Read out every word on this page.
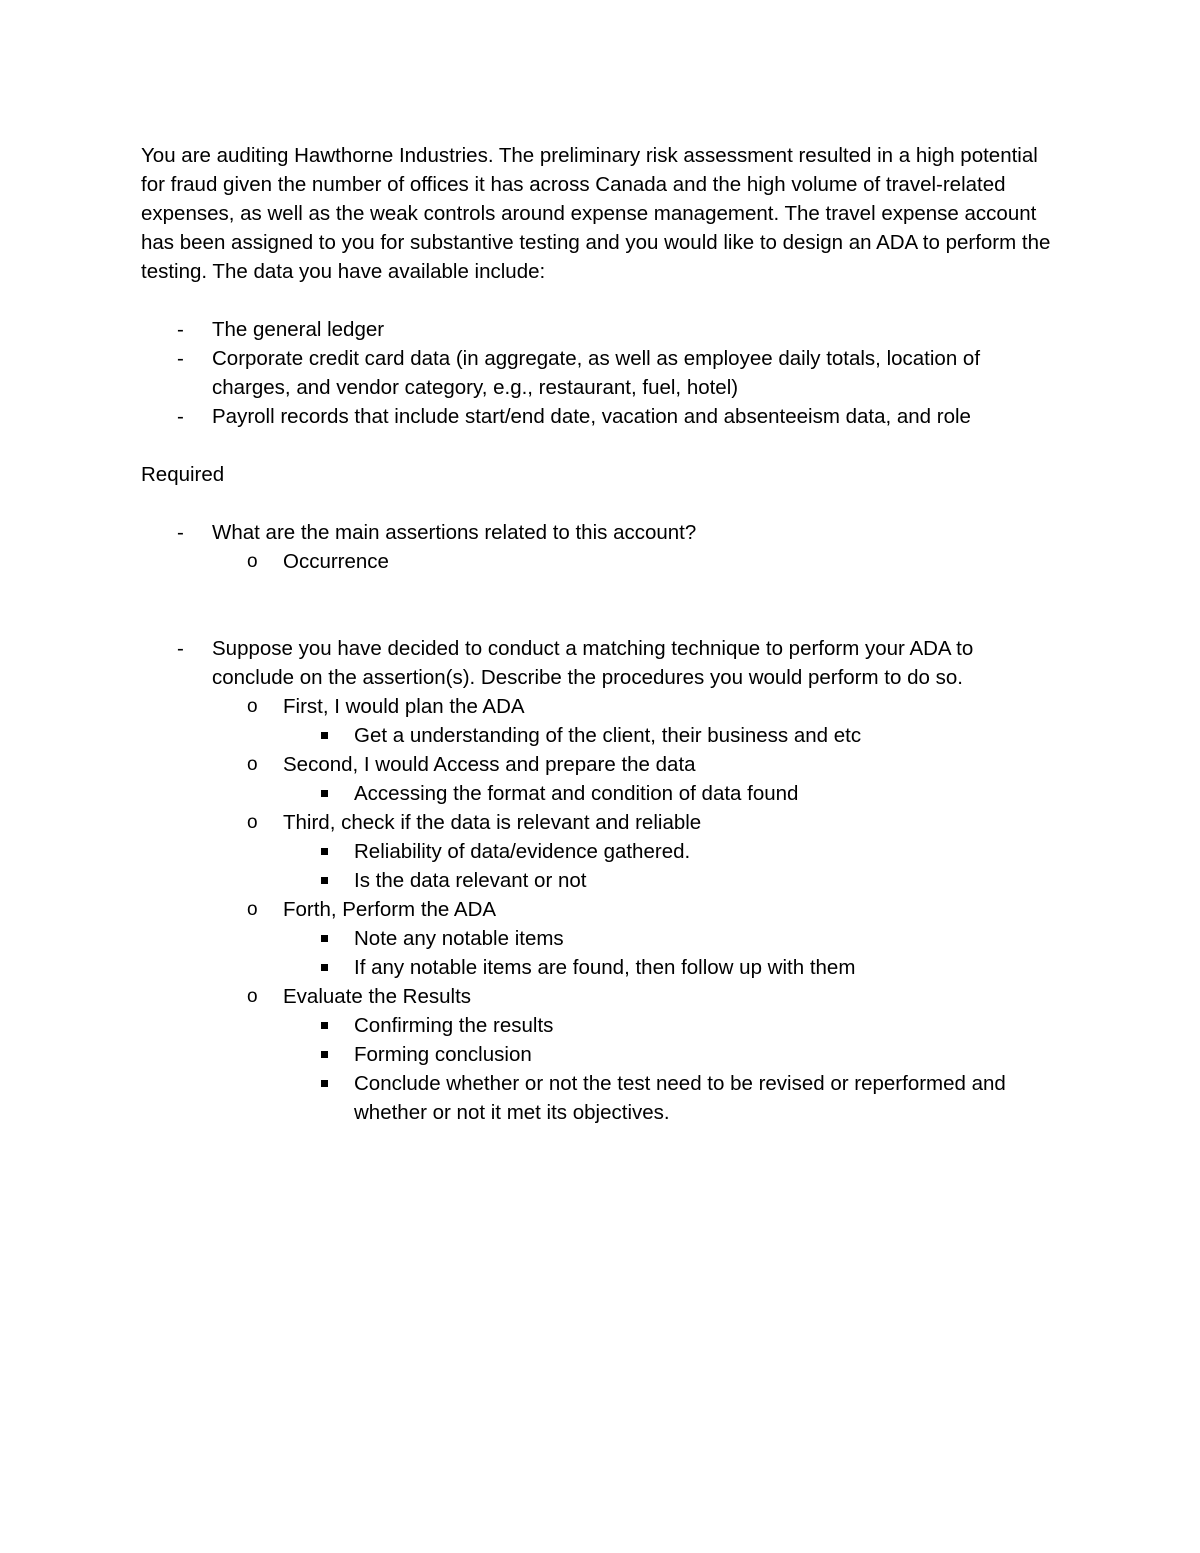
You are auditing Hawthorne Industries. The preliminary risk assessment resulted in a high potential for fraud given the number of offices it has across Canada and the high volume of travel-related expenses, as well as the weak controls around expense management. The travel expense account has been assigned to you for substantive testing and you would like to design an ADA to perform the testing. The data you have available include:

- The general ledger
- Corporate credit card data (in aggregate, as well as employee daily totals, location of charges, and vendor category, e.g., restaurant, fuel, hotel)
- Payroll records that include start/end date, vacation and absenteeism data, and role

Required

- What are the main assertions related to this account?
o Occurrence
- Suppose you have decided to conduct a matching technique to perform your ADA to conclude on the assertion(s). Describe the procedures you would perform to do so.
o First, I would plan the ADA
Get a understanding of the client, their business and etc
o Second, I would Access and prepare the data
Accessing the format and condition of data found
o Third, check if the data is relevant and reliable
Reliability of data/evidence gathered.
Is the data relevant or not
o Forth, Perform the ADA
Note any notable items
If any notable items are found, then follow up with them
o Evaluate the Results
Confirming the results
Forming conclusion
Conclude whether or not the test need to be revised or reperformed and whether or not it met its objectives.
